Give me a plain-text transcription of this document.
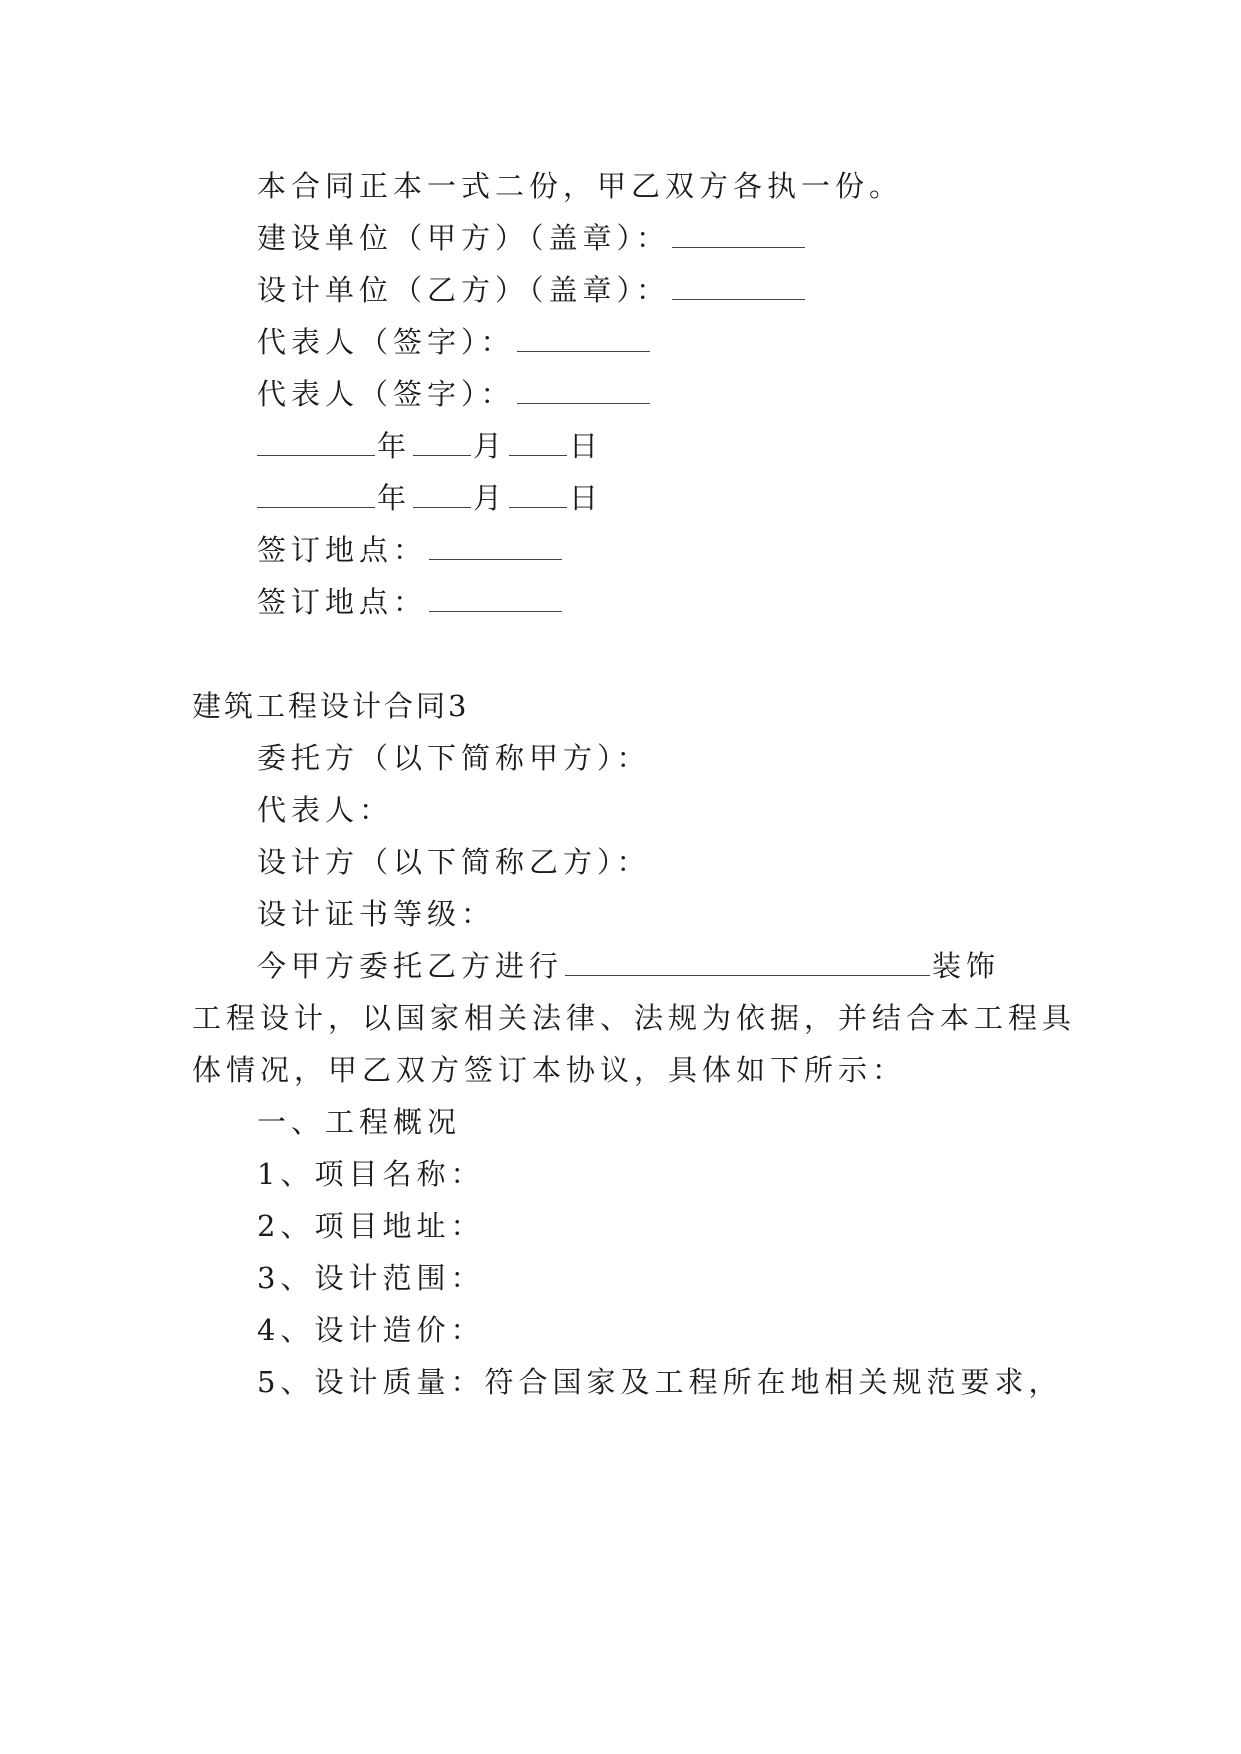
本合同正本一式二份，甲乙双方各执一份。
建设单位（甲方）（盖章）：
设计单位（乙方）（盖章）：
代表人（签字）：
代表人（签字）：
年 月 日
年 月 日
签订地点：
签订地点：
建筑工程设计合同3
委托方（以下简称甲方）：
代表人：
设计方（以下简称乙方）：
设计证书等级：
今甲方委托乙方进行	装饰
工程设计，以国家相关法律、法规为依据，并结合本工程具
体情况，甲乙双方签订本协议，具体如下所示：
一、工程概况
1、项目名称：
2、项目地址：
3、设计范围：
4、设计造价：
5、设计质量：符合国家及工程所在地相关规范要求，
